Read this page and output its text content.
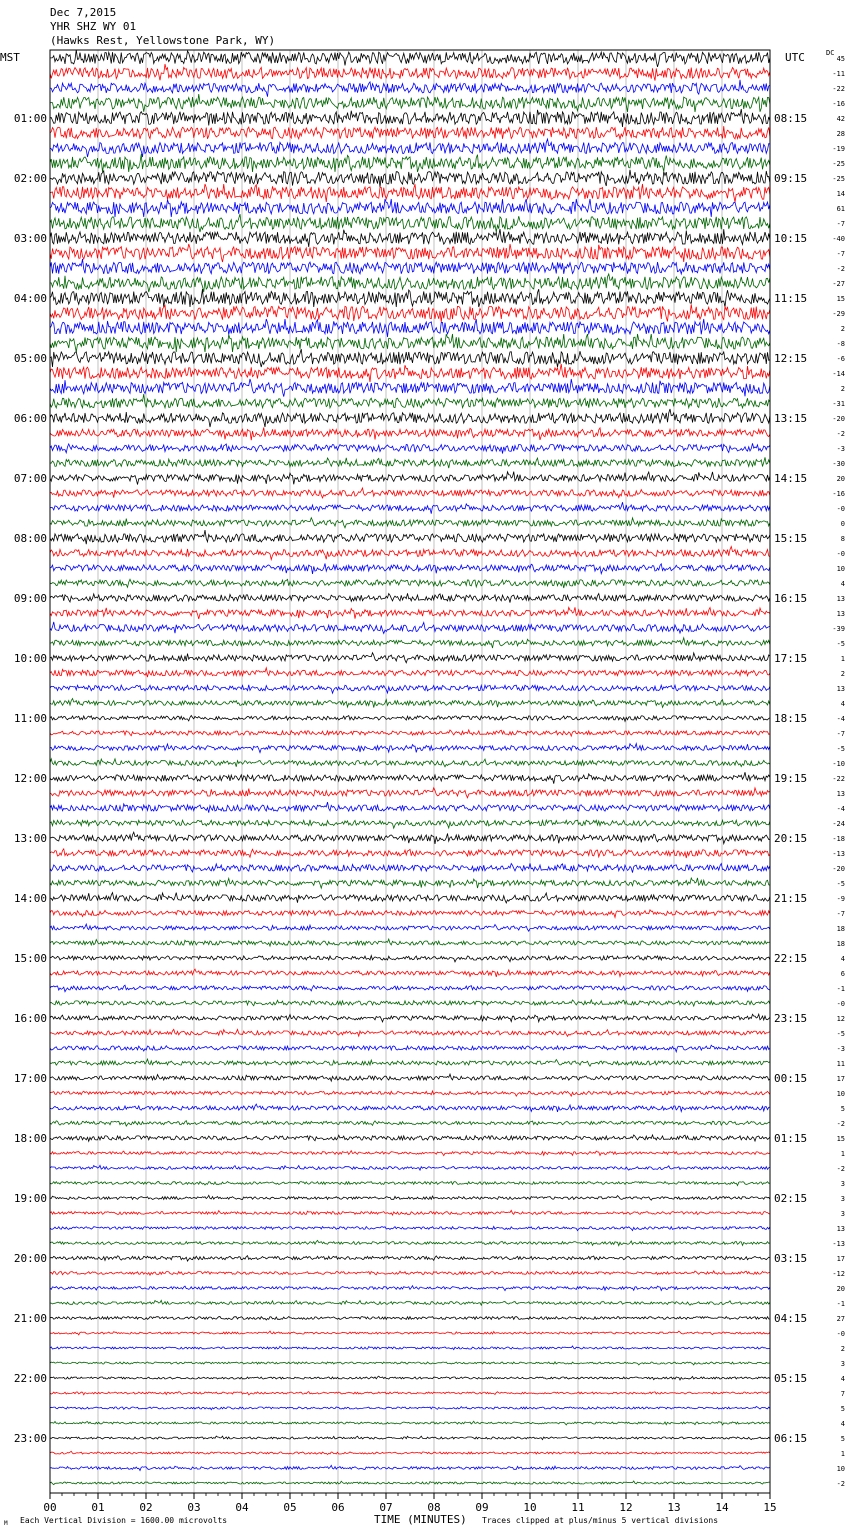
Dec 7,2015
YHR SHZ WY 01
(Hawks Rest, Yellowstone Park, WY)
MST	UTC	DC
01:00	08:15
02:00	09:15
03:00	10:15
04:00	11:15
05:00	12:15
06:00	13:15
07:00	14:15
08:00	15:15
09:00	16:15
10:00	17:15
11:00	18:15
12:00	19:15
13:00	20:15
14:00	21:15
15:00	22:15
16:00	23:15
17:00	00:15
18:00	01:15
19:00	02:15
20:00	03:15
21:00	04:15
22:00	05:15
23:00	06:15
45
-11
-22
-16
42
28
-19
-25
-25
14
61
-7
-40
-7
-2
-27
15
-29
2
-8
-6
-14
2
-31
-20
-2
-3
-30
20
-16
-0
0
8
-0
10
4
13
13
-39
-5
1
2
13
4
-4
-7
-5
-10
-22
13
-4
-24
-18
-13
-20
-5
-9
-7
18
18
4
6
-1
-0
12
-5
-3
11
17
10
5
-2
15
1
-2
3
3
3
13
-13
17
-12
20
-1
27
-0
2
3
4
7
5
4
5
1
10
-2
00	01	02	03	04	05	06	07	08	09	10	11	12	13	14	15
M Each Vertical Division = 1600.00 microvolts	TIME (MINUTES) Traces clipped at plus/minus 5 vertical divisions
